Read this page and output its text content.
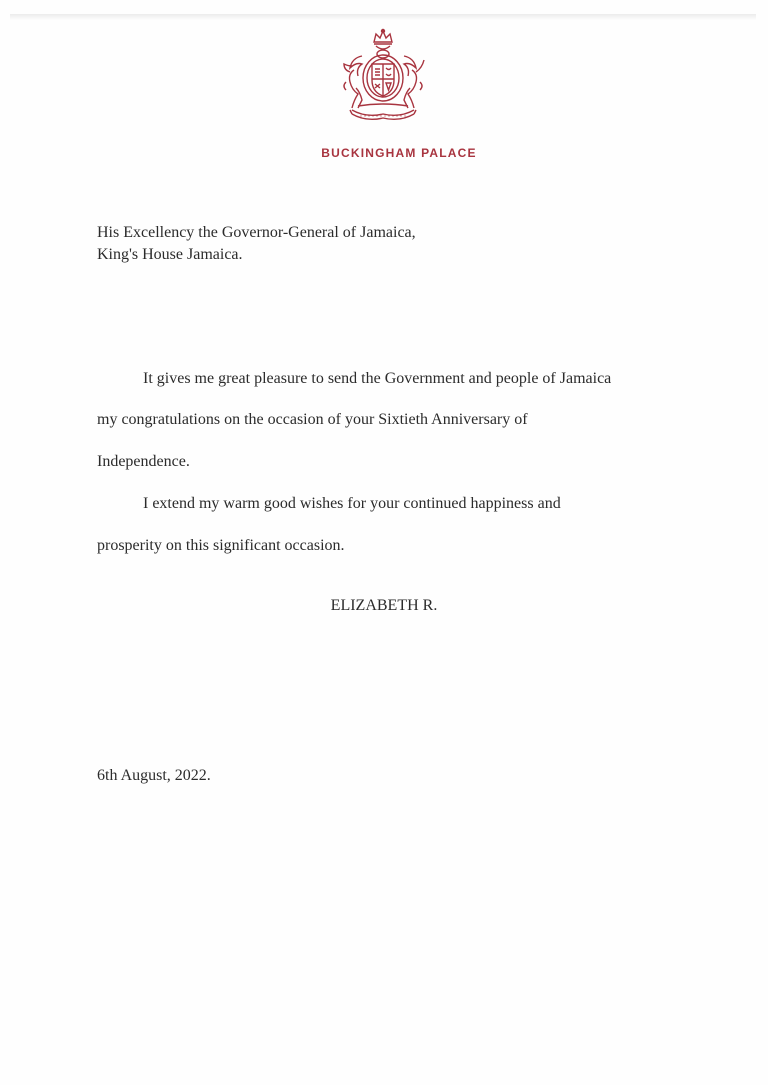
BUCKINGHAM PALACE
His Excellency the Governor-General of Jamaica,
King's House Jamaica.
It gives me great pleasure to send the Government and people of Jamaica
my congratulations on the occasion of your Sixtieth Anniversary of
Independence.
I extend my warm good wishes for your continued happiness and
prosperity on this significant occasion.
ELIZABETH R.
6th August, 2022.
